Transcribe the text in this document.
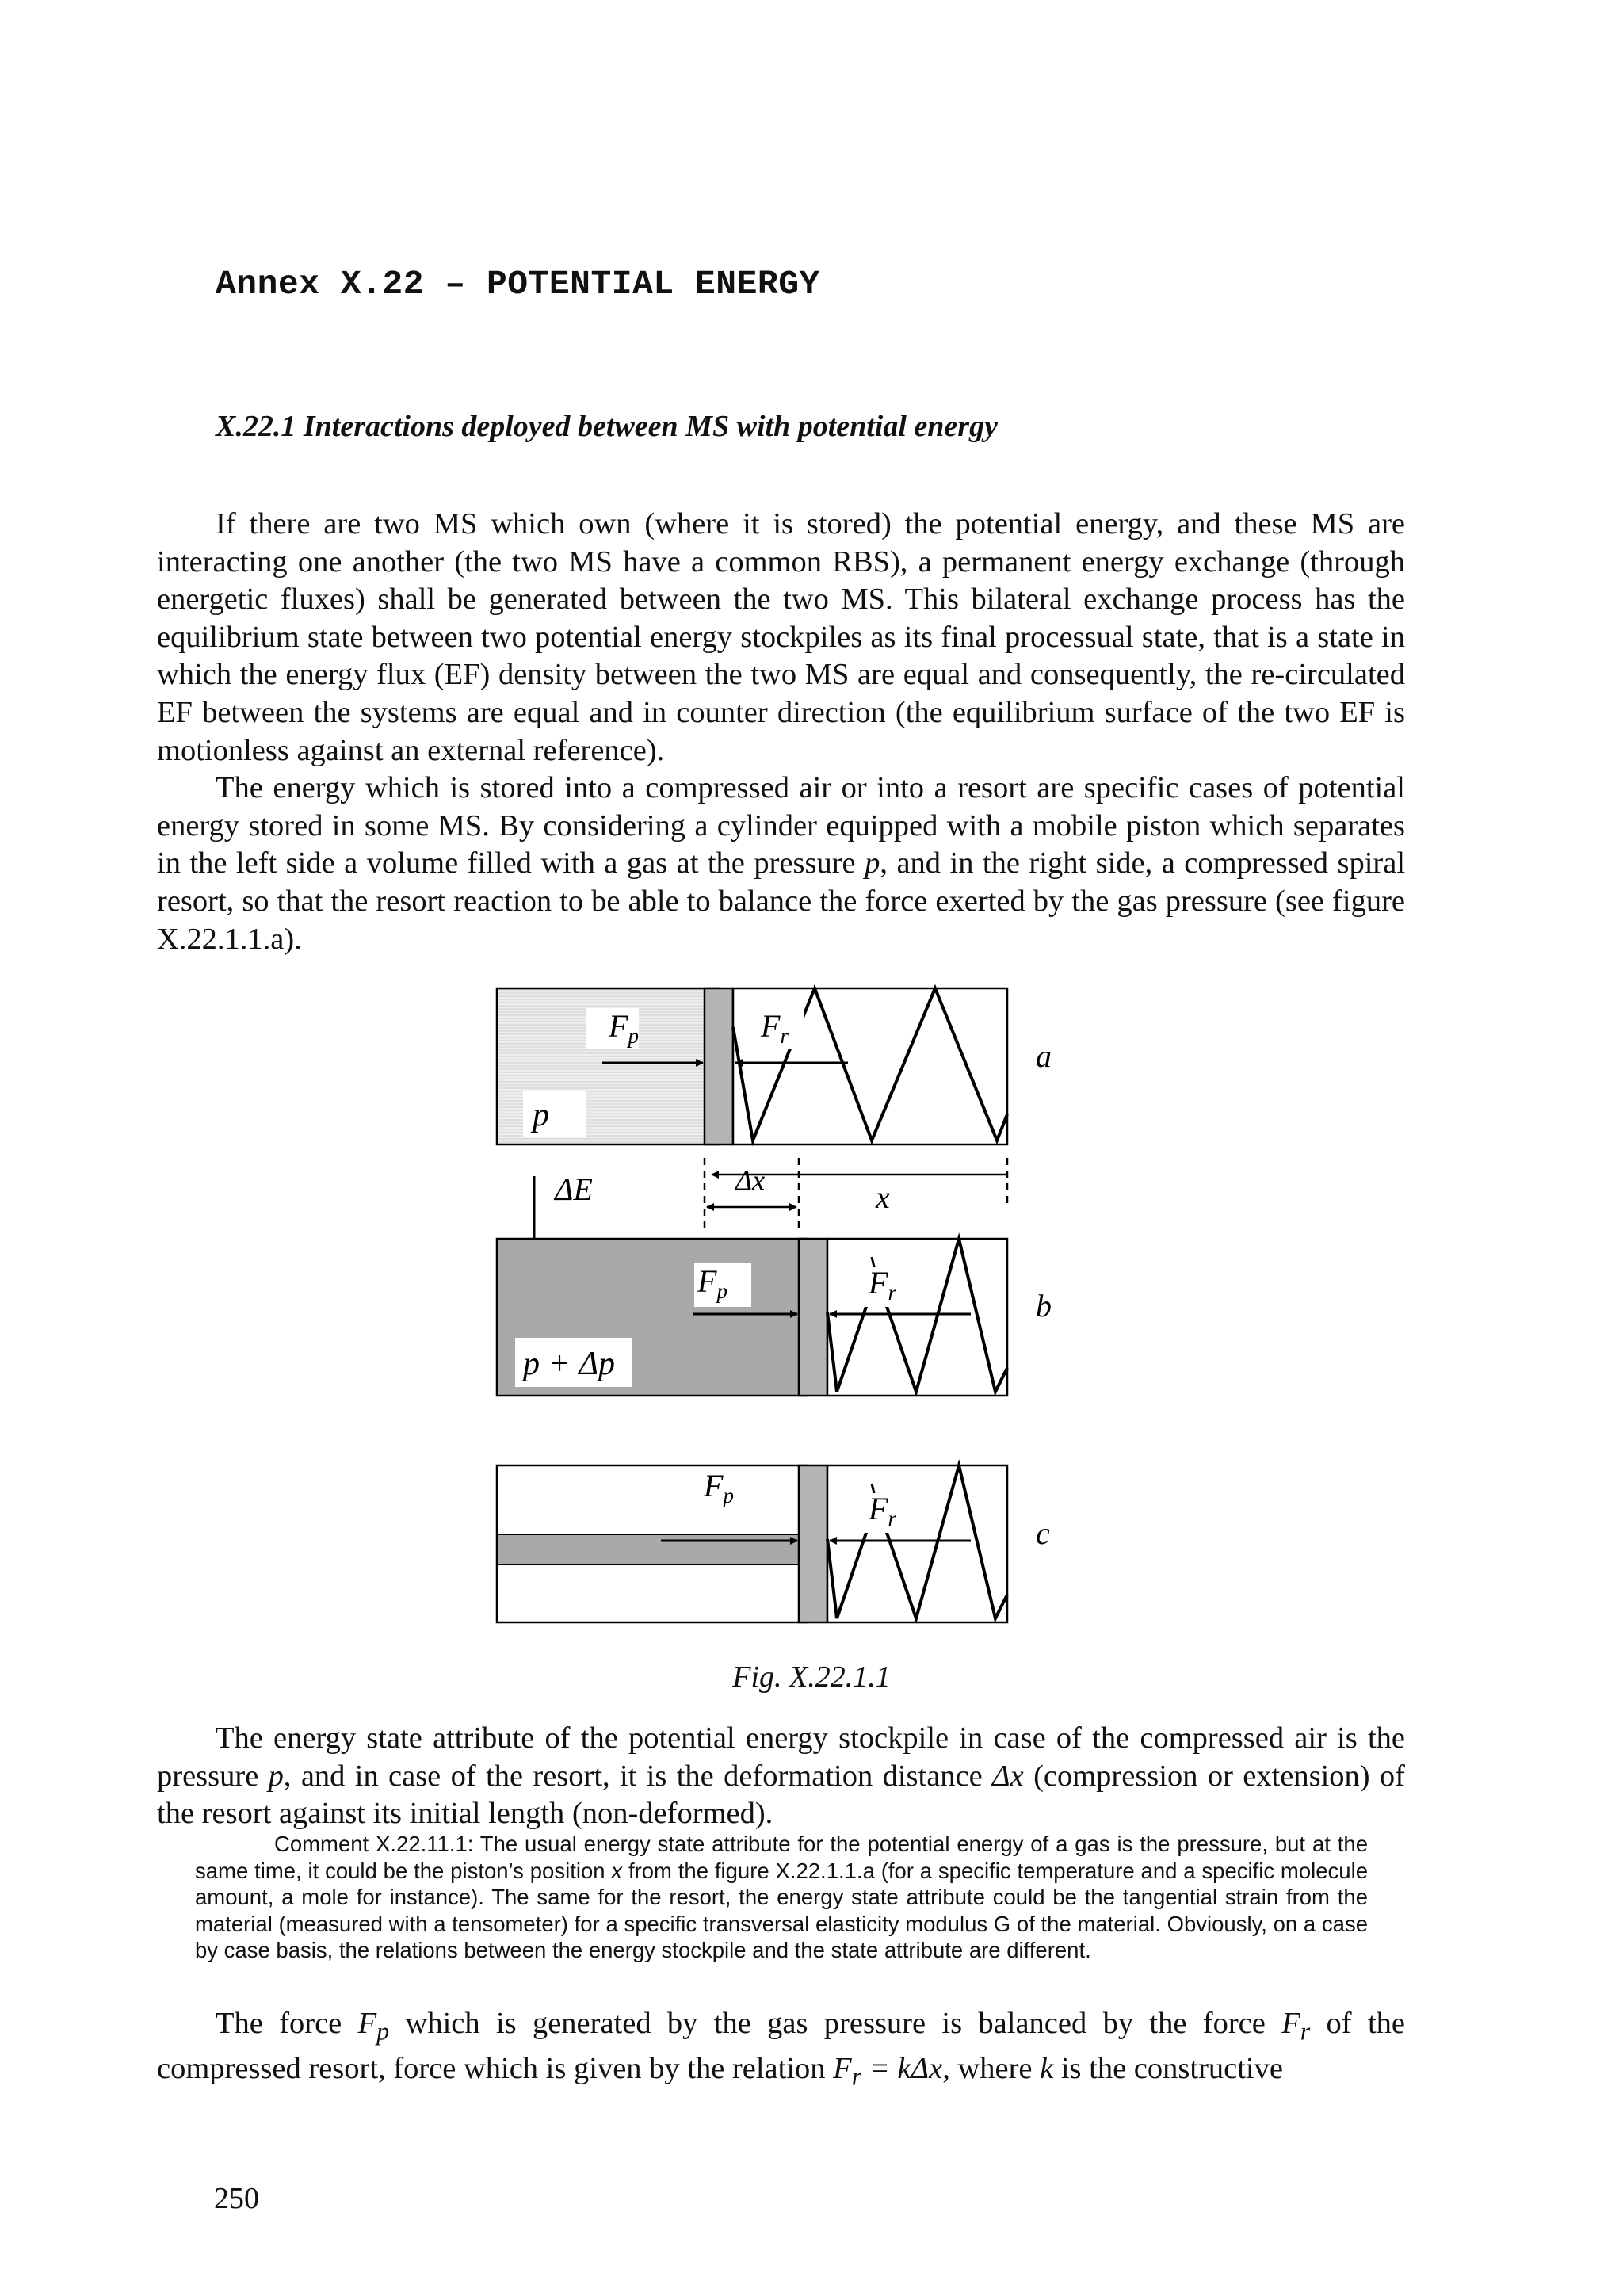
Annex X.22 – POTENTIAL ENERGY
X.22.1 Interactions deployed between MS with potential energy

If there are two MS which own (where it is stored) the potential energy, and these MS are interacting one another (the two MS have a common RBS), a permanent energy exchange (through energetic fluxes) shall be generated between the two MS. This bilateral exchange process has the equilibrium state between two potential energy stockpiles as its final processual state, that is a state in which the energy flux (EF) density between the two MS are equal and consequently, the re-circulated EF between the systems are equal and in counter direction (the equilibrium surface of the two EF is motionless against an external reference).

The energy which is stored into a compressed air or into a resort are specific cases of potential energy stored in some MS. By considering a cylinder equipped with a mobile piston which separates in the left side a volume filled with a gas at the pressure p, and in the right side, a compressed spiral resort, so that the resort reaction to be able to balance the force exerted by the gas pressure (see figure X.22.1.1.a).

$F_p$	$F_r$
p
a
Δx	x
ΔE
$F_p$	$F_r$
p + Δp
b
$F_p$	$F_r$	c
Fig. X.22.1.1

The energy state attribute of the potential energy stockpile in case of the compressed air is the pressure p, and in case of the resort, it is the deformation distance Δx (compression or extension) of the resort against its initial length (non-deformed).

Comment X.22.11.1: The usual energy state attribute for the potential energy of a gas is the pressure, but at the same time, it could be the piston’s position x from the figure X.22.1.1.a (for a specific temperature and a specific molecule amount, a mole for instance). The same for the resort, the energy state attribute could be the tangential strain from the material (measured with a tensometer) for a specific transversal elasticity modulus G of the material. Obviously, on a case by case basis, the relations between the energy stockpile and the state attribute are different.

The force $F_p$ which is generated by the gas pressure is balanced by the force $F_r$ of the compressed resort, force which is given by the relation $F_r = k\Delta x$, where k is the constructive

250
